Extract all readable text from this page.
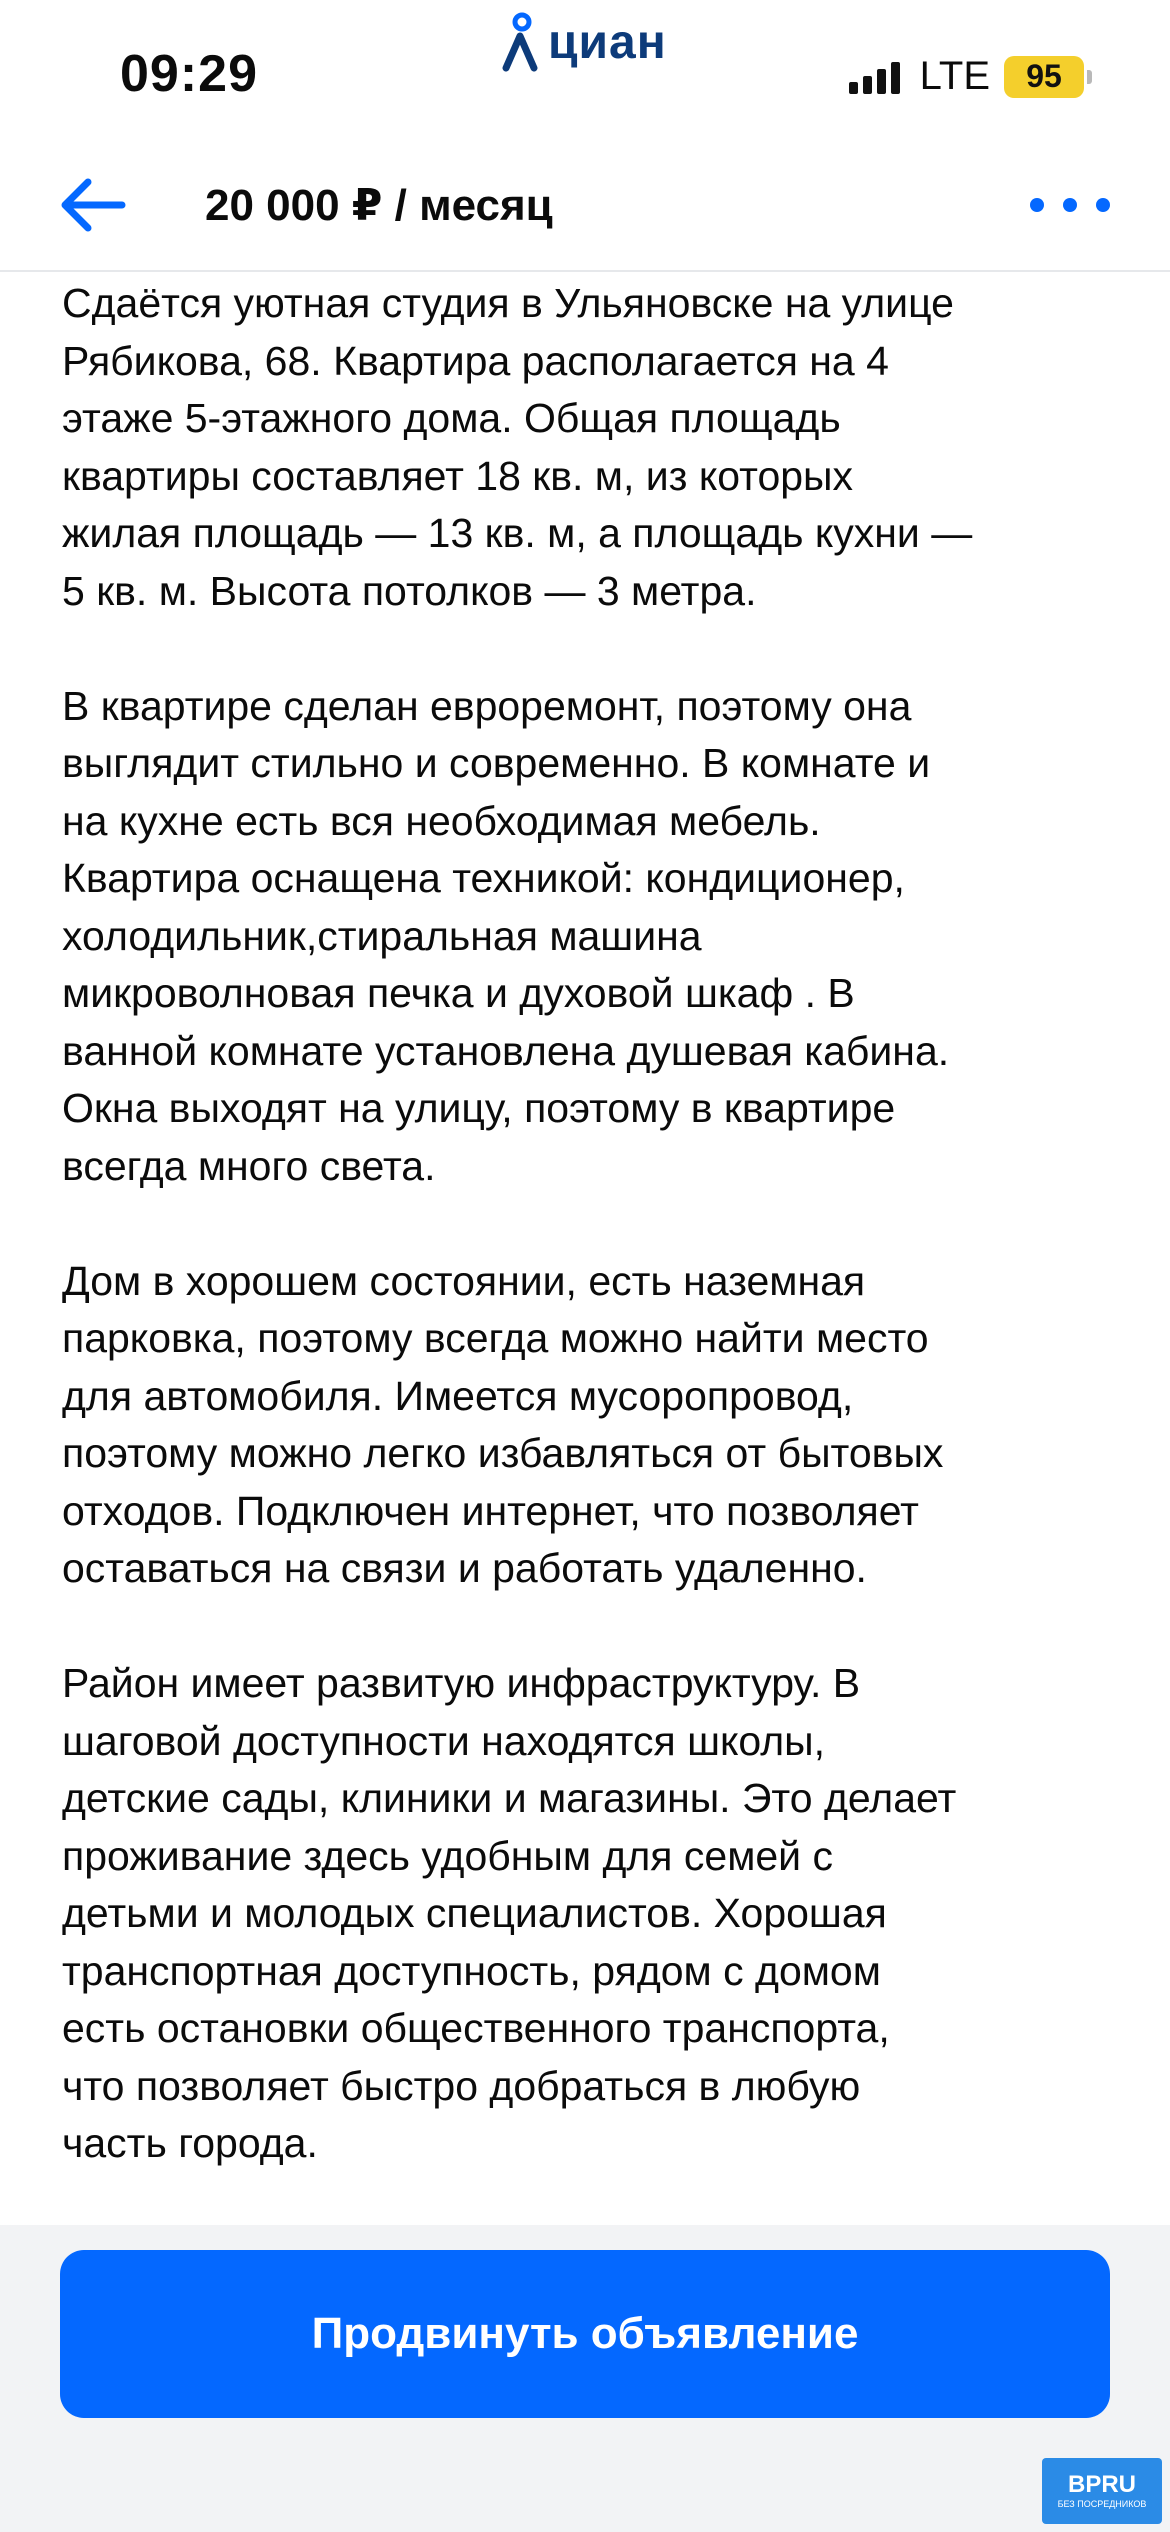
09:29
циан
LTE	95
20 000 ₽ / месяц

Сдаётся уютная студия в Ульяновске на улице
Рябикова, 68. Квартира располагается на 4
этаже 5-этажного дома. Общая площадь
квартиры составляет 18 кв. м, из которых
жилая площадь — 13 кв. м, а площадь кухни —
5 кв. м. Высота потолков — 3 метра.

В квартире сделан евроремонт, поэтому она
выглядит стильно и современно. В комнате и
на кухне есть вся необходимая мебель.
Квартира оснащена техникой: кондиционер,
холодильник,стиральная машина
микроволновая печка и духовой шкаф . В
ванной комнате установлена душевая кабина.
Окна выходят на улицу, поэтому в квартире
всегда много света.

Дом в хорошем состоянии, есть наземная
парковка, поэтому всегда можно найти место
для автомобиля. Имеется мусоропровод,
поэтому можно легко избавляться от бытовых
отходов. Подключен интернет, что позволяет
оставаться на связи и работать удаленно.

Район имеет развитую инфраструктуру. В
шаговой доступности находятся школы,
детские сады, клиники и магазины. Это делает
проживание здесь удобным для семей с
детьми и молодых специалистов. Хорошая
транспортная доступность, рядом с домом
есть остановки общественного транспорта,
что позволяет быстро добраться в любую
часть города.

Продвинуть объявление
BPRU
БЕЗ ПОСРЕДНИКОВ
